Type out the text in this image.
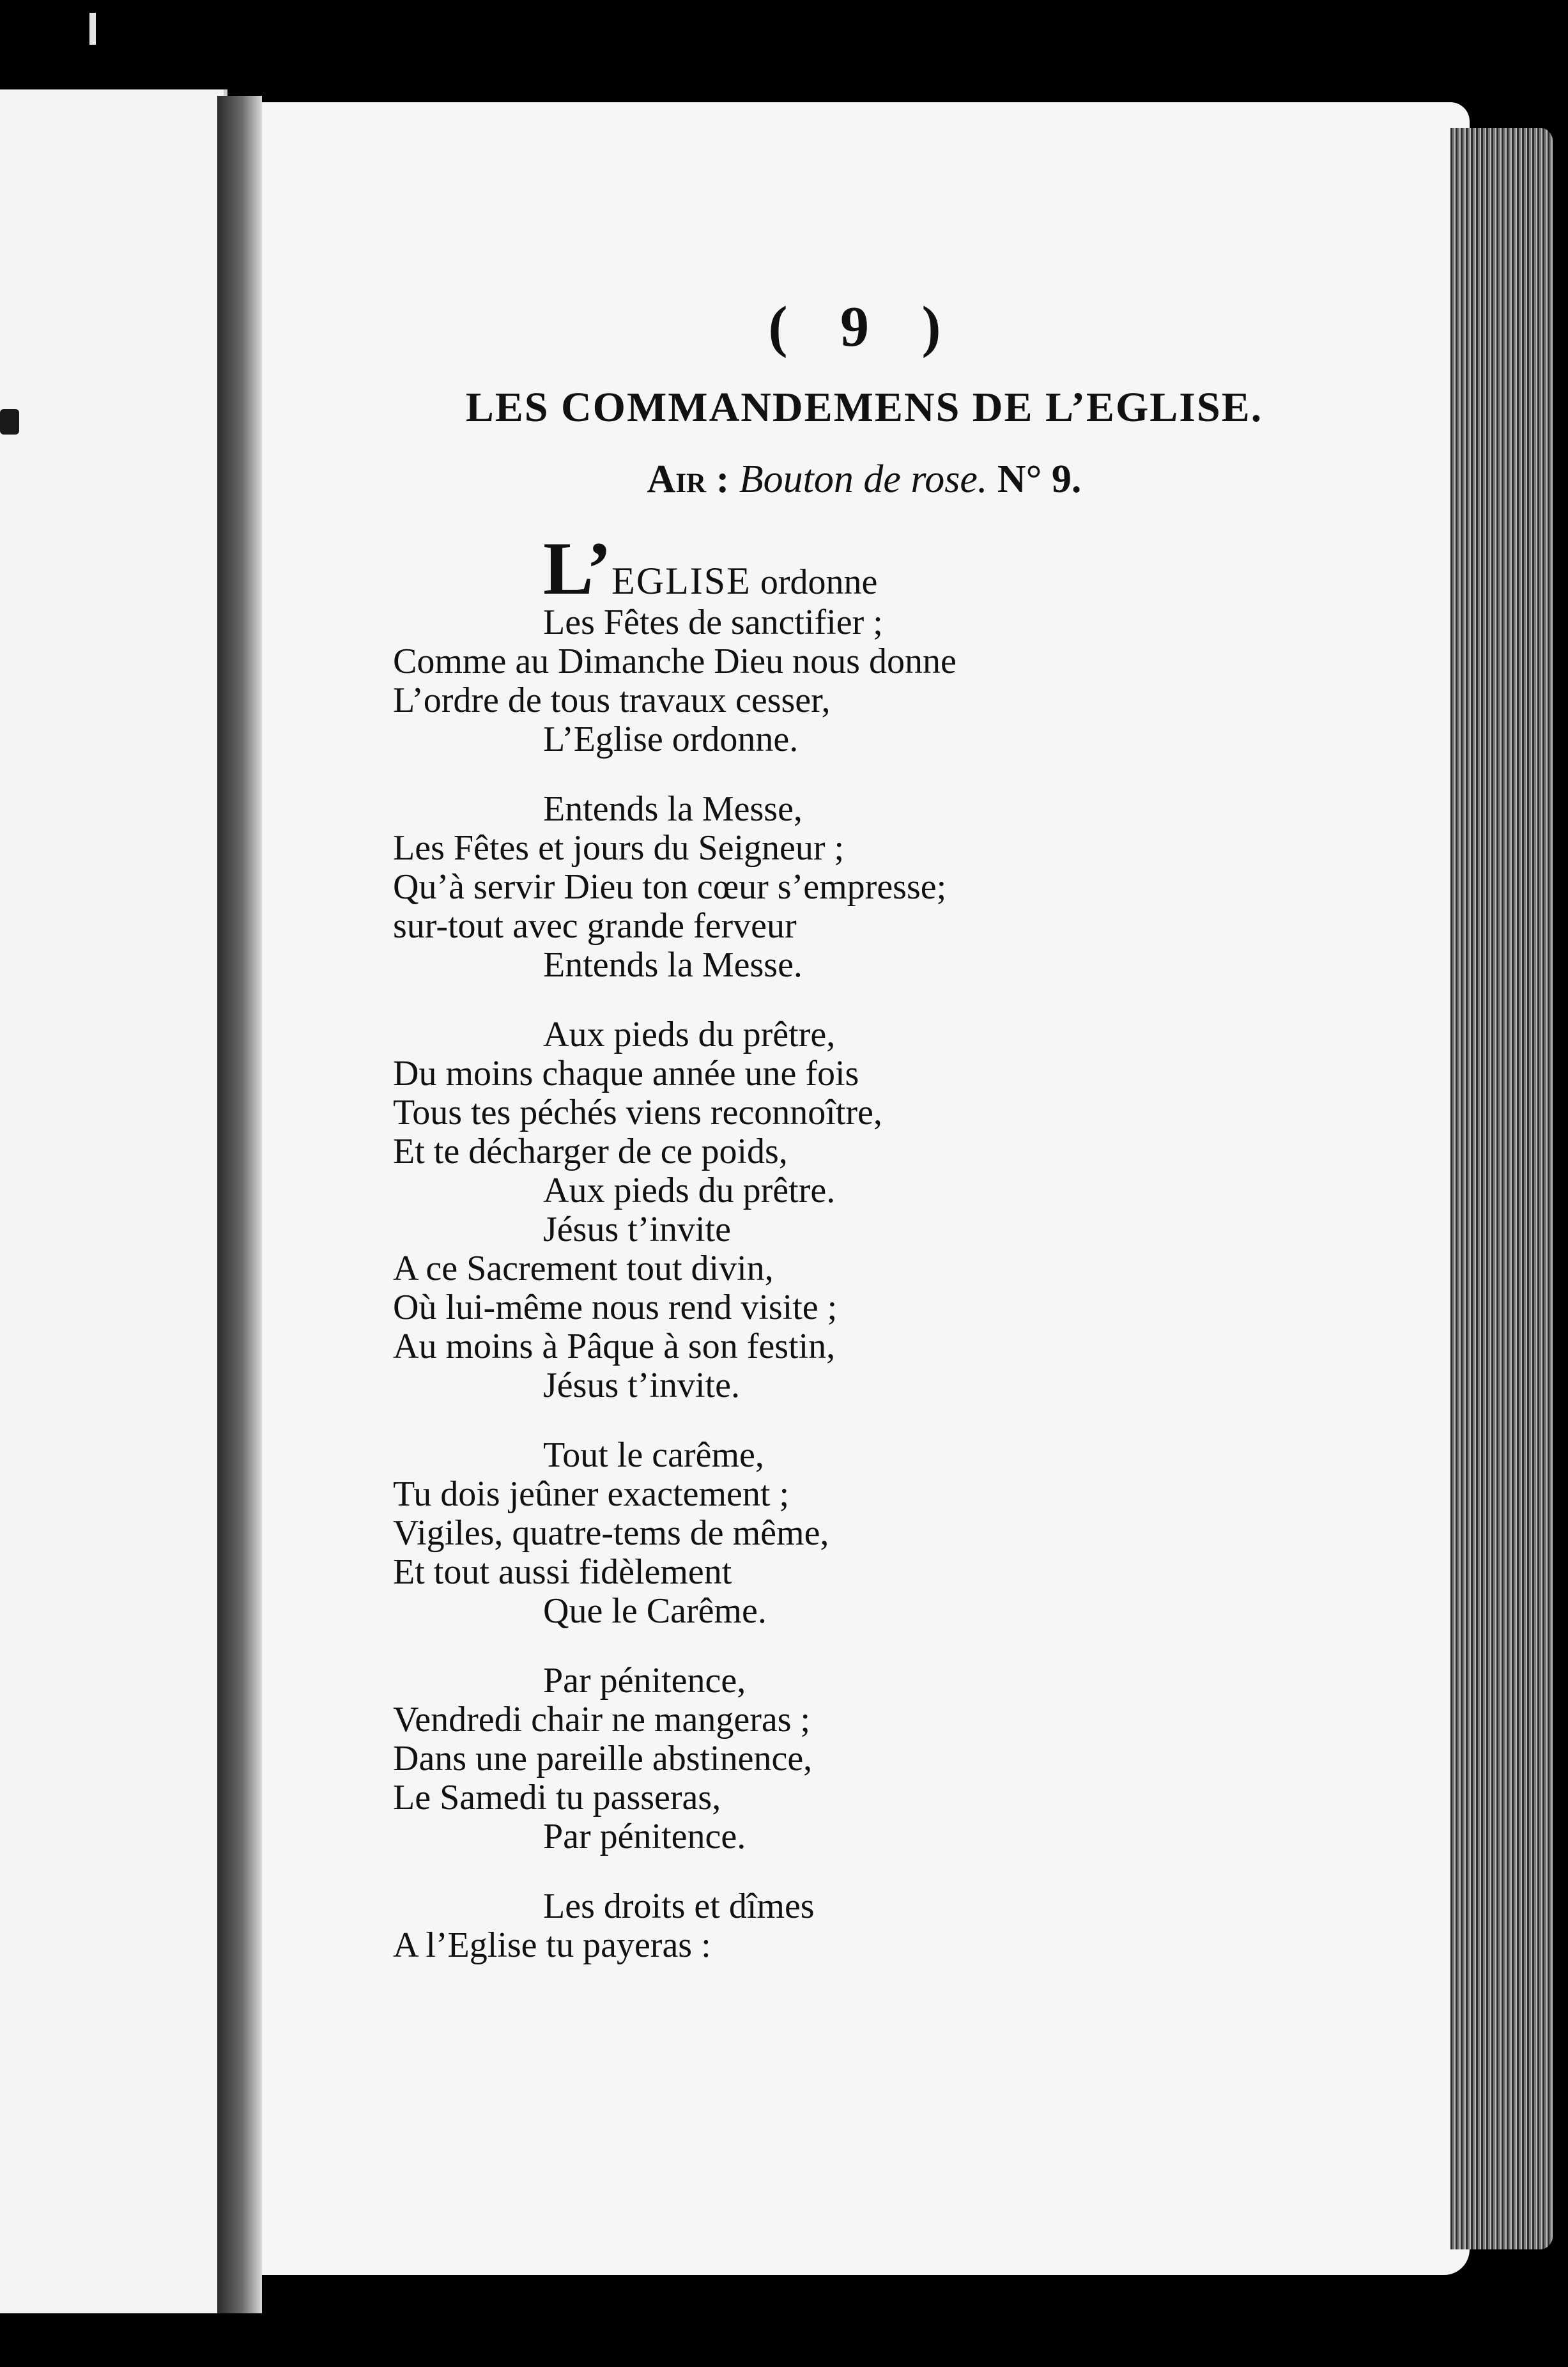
( 9 )
LES COMMANDEMENS DE L’EGLISE.
Air : Bouton de rose. N° 9.
L’EGLISE ordonne
Les Fêtes de sanctifier ;
Comme au Dimanche Dieu nous donne
L’ordre de tous travaux cesser,
L’Eglise ordonne.
Entends la Messe,
Les Fêtes et jours du Seigneur ;
Qu’à servir Dieu ton cœur s’empresse;
sur-tout avec grande ferveur
Entends la Messe.
Aux pieds du prêtre,
Du moins chaque année une fois
Tous tes péchés viens reconnoître,
Et te décharger de ce poids,
Aux pieds du prêtre.
Jésus t’invite
A ce Sacrement tout divin,
Où lui-même nous rend visite ;
Au moins à Pâque à son festin,
Jésus t’invite.
Tout le carême,
Tu dois jeûner exactement ;
Vigiles, quatre-tems de même,
Et tout aussi fidèlement
Que le Carême.
Par pénitence,
Vendredi chair ne mangeras ;
Dans une pareille abstinence,
Le Samedi tu passeras,
Par pénitence.
Les droits et dîmes
A l’Eglise tu payeras :
